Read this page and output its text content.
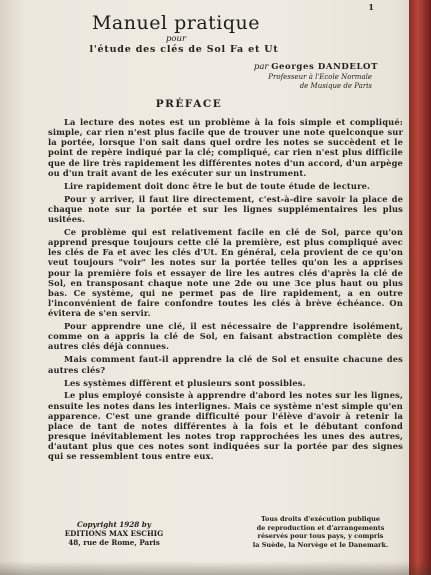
1
Manuel pratique
pour
l'étude des clés de Sol Fa et Ut
par Georges DANDELOT
Professeur à l'Ecole Normale
de Musique de Paris
PRÉFACE

La lecture des notes est un problème à la fois simple et compliqué: simple, car rien n'est plus facile que de trouver une note quelconque sur la portée, lorsque l'on sait dans quel ordre les notes se succèdent et le point de repère indiqué par la clé; compliqué, car rien n'est plus difficile que de lire très rapidement les différentes notes d'un accord, d'un arpège ou d'un trait avant de les exécuter sur un instrument.

Lire rapidement doit donc être le but de toute étude de lecture.

Pour y arriver, il faut lire directement, c'est-à-dire savoir la place de chaque note sur la portée et sur les lignes supplémentaires les plus usitées.

Ce problème qui est relativement facile en clé de Sol, parce qu'on apprend presque toujours cette clé la première, est plus compliqué avec les clés de Fa et avec les clés d'Ut. En général, cela provient de ce qu'on veut toujours "voir" les notes sur la portée telles qu'on les a apprises pour la première fois et essayer de lire les autres clés d'après la clé de Sol, en transposant chaque note une 2de ou une 3ce plus haut ou plus bas. Ce système, qui ne permet pas de lire rapidement, a en outre l'inconvénient de faire confondre toutes les clés à brève échéance. On évitera de s'en servir.

Pour apprendre une clé, il est nécessaire de l'apprendre isolément, comme on a appris la clé de Sol, en faisant abstraction complète des autres clés déjà connues.

Mais comment faut-il apprendre la clé de Sol et ensuite chacune des autres clés?

Les systèmes diffèrent et plusieurs sont possibles.

Le plus employé consiste à apprendre d'abord les notes sur les lignes, ensuite les notes dans les interlignes. Mais ce système n'est simple qu'en apparence. C'est une grande difficulté pour l'élève d'avoir à retenir la place de tant de notes différentes à la fois et le débutant confond presque inévitablement les notes trop rapprochées les unes des autres, d'autant plus que ces notes sont indiquées sur la portée par des signes qui se ressemblent tous entre eux.

Copyright 1928 by
EDITIONS MAX ESCHIG
48, rue de Rome, Paris
Tous droits d'exécution publique
de reproduction et d'arrangements
réservés pour tous pays, y compris
la Suède, la Norvège et le Danemark.
